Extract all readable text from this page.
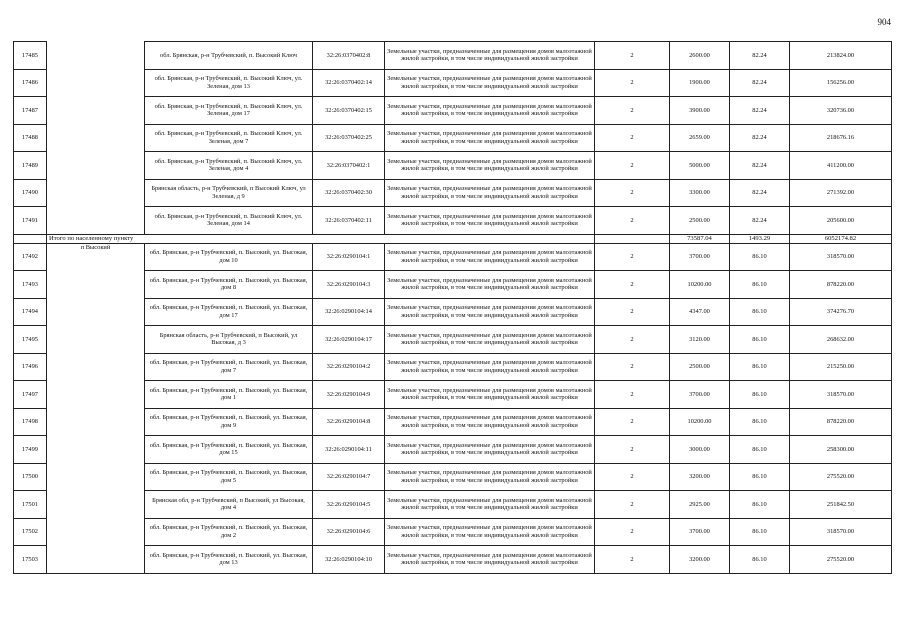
904
17485		обл. Брянская, р-н Трубчевский, п. Высокий Ключ	32:26:0370402:8	Земельные участки, предназначенные для размещения домов малоэтажной жилой застройки, в том числе индивидуальной жилой застройки	2	2600.00	82.24	213824.00
17486		обл. Брянская, р-н Трубчевский, п. Высокий Ключ, ул. Зеленая, дом 13	32:26:0370402:14	Земельные участки, предназначенные для размещения домов малоэтажной жилой застройки, в том числе индивидуальной жилой застройки	2	1900.00	82.24	156256.00
17487		обл. Брянская, р-н Трубчевский, п. Высокий Ключ, ул. Зеленая, дом 17	32:26:0370402:15	Земельные участки, предназначенные для размещения домов малоэтажной жилой застройки, в том числе индивидуальной жилой застройки	2	3900.00	82.24	320736.00
17488		обл. Брянская, р-н Трубчевский, п. Высокий Ключ, ул. Зеленая, дом 7	32:26:0370402:25	Земельные участки, предназначенные для размещения домов малоэтажной жилой застройки, в том числе индивидуальной жилой застройки	2	2659.00	82.24	218676.16
17489		обл. Брянская, р-н Трубчевский, п. Высокий Ключ, ул. Зеленая, дом 4	32:26:0370402:1	Земельные участки, предназначенные для размещения домов малоэтажной жилой застройки, в том числе индивидуальной жилой застройки	2	5000.00	82.24	411200.00
17490		Брянская область, р-н Трубчевский, п Высокий Ключ, ул Зеленая, д 9	32:26:0370402:30	Земельные участки, предназначенные для размещения домов малоэтажной жилой застройки, в том числе индивидуальной жилой застройки	2	3300.00	82.24	271392.00
17491		обл. Брянская, р-н Трубчевский, п. Высокий Ключ, ул. Зеленая, дом 14	32:26:0370402:11	Земельные участки, предназначенные для размещения домов малоэтажной жилой застройки, в том числе индивидуальной жилой застройки	2	2500.00	82.24	205600.00
	Итого по населенному пункту					73587.04	1493.29	6052174.82
17492	п Высокий	обл. Брянская, р-н Трубчевский, п. Высокий, ул. Высокая, дом 10	32:26:0290104:1	Земельные участки, предназначенные для размещения домов малоэтажной жилой застройки, в том числе индивидуальной жилой застройки	2	3700.00	86.10	318570.00
17493		обл. Брянская, р-н Трубчевский, п. Высокий, ул. Высокая, дом 8	32:26:0290104:3	Земельные участки, предназначенные для размещения домов малоэтажной жилой застройки, в том числе индивидуальной жилой застройки	2	10200.00	86.10	878220.00
17494		обл. Брянская, р-н Трубчевский, п. Высокий, ул. Высокая, дом 17	32:26:0290104:14	Земельные участки, предназначенные для размещения домов малоэтажной жилой застройки, в том числе индивидуальной жилой застройки	2	4347.00	86.10	374276.70
17495		Брянская область, р-н Трубчевский, п Высокий, ул Высокая, д 3	32:26:0290104:17	Земельные участки, предназначенные для размещения домов малоэтажной жилой застройки, в том числе индивидуальной жилой застройки	2	3120.00	86.10	268632.00
17496		обл. Брянская, р-н Трубчевский, п. Высокий, ул. Высокая, дом 7	32:26:0290104:2	Земельные участки, предназначенные для размещения домов малоэтажной жилой застройки, в том числе индивидуальной жилой застройки	2	2500.00	86.10	215250.00
17497		обл. Брянская, р-н Трубчевский, п. Высокий, ул. Высокая, дом 1	32:26:0290104:9	Земельные участки, предназначенные для размещения домов малоэтажной жилой застройки, в том числе индивидуальной жилой застройки	2	3700.00	86.10	318570.00
17498		обл. Брянская, р-н Трубчевский, п. Высокий, ул. Высокая, дом 9	32:26:0290104:8	Земельные участки, предназначенные для размещения домов малоэтажной жилой застройки, в том числе индивидуальной жилой застройки	2	10200.00	86.10	878220.00
17499		обл. Брянская, р-н Трубчевский, п. Высокий, ул. Высокая, дом 15	32:26:0290104:11	Земельные участки, предназначенные для размещения домов малоэтажной жилой застройки, в том числе индивидуальной жилой застройки	2	3000.00	86.10	258300.00
17500		обл. Брянская, р-н Трубчевский, п. Высокий, ул. Высокая, дом 5	32:26:0290104:7	Земельные участки, предназначенные для размещения домов малоэтажной жилой застройки, в том числе индивидуальной жилой застройки	2	3200.00	86.10	275520.00
17501		Брянская обл, р-н Трубчевский, п Высокий, ул Высокая, дом 4	32:26:0290104:5	Земельные участки, предназначенные для размещения домов малоэтажной жилой застройки, в том числе индивидуальной жилой застройки	2	2925.00	86.10	251842.50
17502		обл. Брянская, р-н Трубчевский, п. Высокий, ул. Высокая, дом 2	32:26:0290104:6	Земельные участки, предназначенные для размещения домов малоэтажной жилой застройки, в том числе индивидуальной жилой застройки	2	3700.00	86.10	318570.00
17503		обл. Брянская, р-н Трубчевский, п. Высокий, ул. Высокая, дом 13	32:26:0290104:10	Земельные участки, предназначенные для размещения домов малоэтажной жилой застройки, в том числе индивидуальной жилой застройки	2	3200.00	86.10	275520.00
